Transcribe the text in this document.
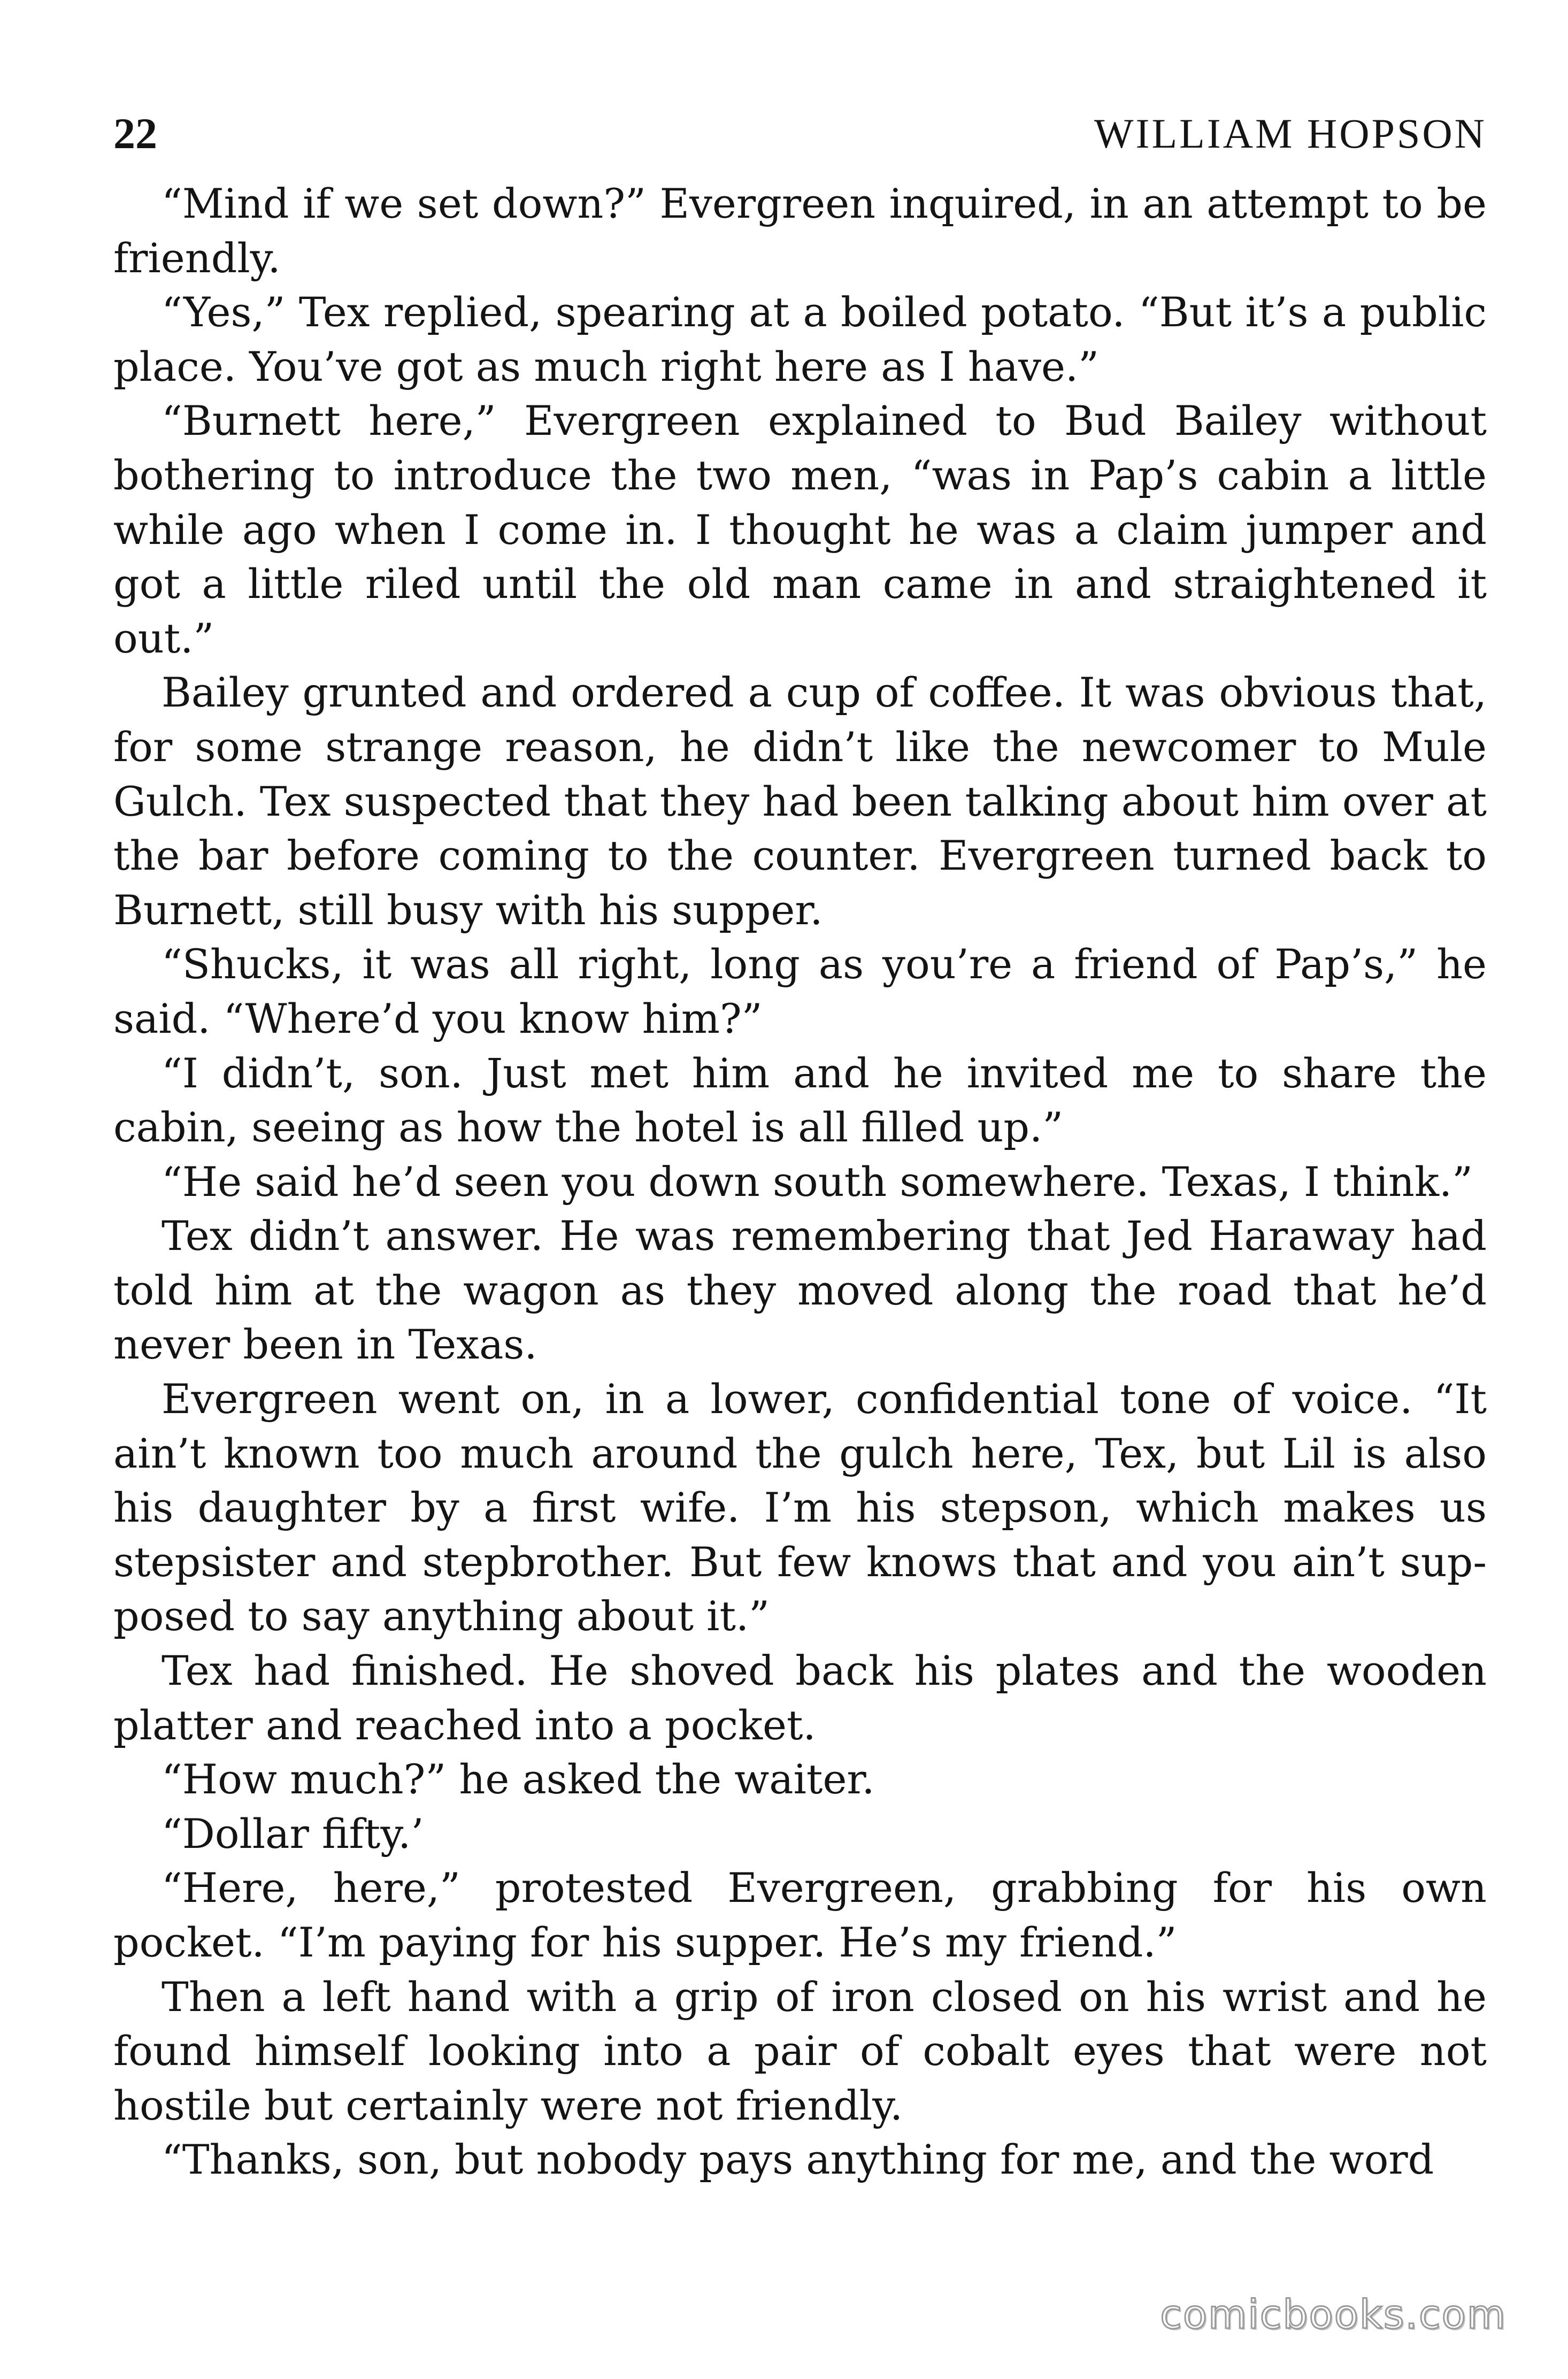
22	WILLIAM HOPSON

“Mind if we set down?” Evergreen inquired, in an attempt to be friendly.

“Yes,” Tex replied, spearing at a boiled potato. “But it’s a public place. You’ve got as much right here as I have.”

“Burnett here,” Evergreen explained to Bud Bailey without bothering to introduce the two men, “was in Pap’s cabin a little while ago when I come in. I thought he was a claim jumper and got a little riled until the old man came in and straightened it out.”

Bailey grunted and ordered a cup of coffee. It was obvious that, for some strange reason, he didn’t like the newcomer to Mule Gulch. Tex suspected that they had been talking about him over at the bar before coming to the counter. Evergreen turned back to Burnett, still busy with his supper.

“Shucks, it was all right, long as you’re a friend of Pap’s,” he said. “Where’d you know him?”

“I didn’t, son. Just met him and he invited me to share the cabin, seeing as how the hotel is all filled up.”

“He said he’d seen you down south somewhere. Texas, I think.”

Tex didn’t answer. He was remembering that Jed Haraway had told him at the wagon as they moved along the road that he’d never been in Texas.

Evergreen went on, in a lower, confidential tone of voice. “It ain’t known too much around the gulch here, Tex, but Lil is also his daughter by a first wife. I’m his stepson, which makes us stepsister and stepbrother. But few knows that and you ain’t supposed to say anything about it.”

Tex had finished. He shoved back his plates and the wooden platter and reached into a pocket.

“How much?” he asked the waiter.

“Dollar fifty.’

“Here, here,” protested Evergreen, grabbing for his own pocket. “I’m paying for his supper. He’s my friend.”

Then a left hand with a grip of iron closed on his wrist and he found himself looking into a pair of cobalt eyes that were not hostile but certainly were not friendly.

“Thanks, son, but nobody pays anything for me, and the word

comicbooks.com
